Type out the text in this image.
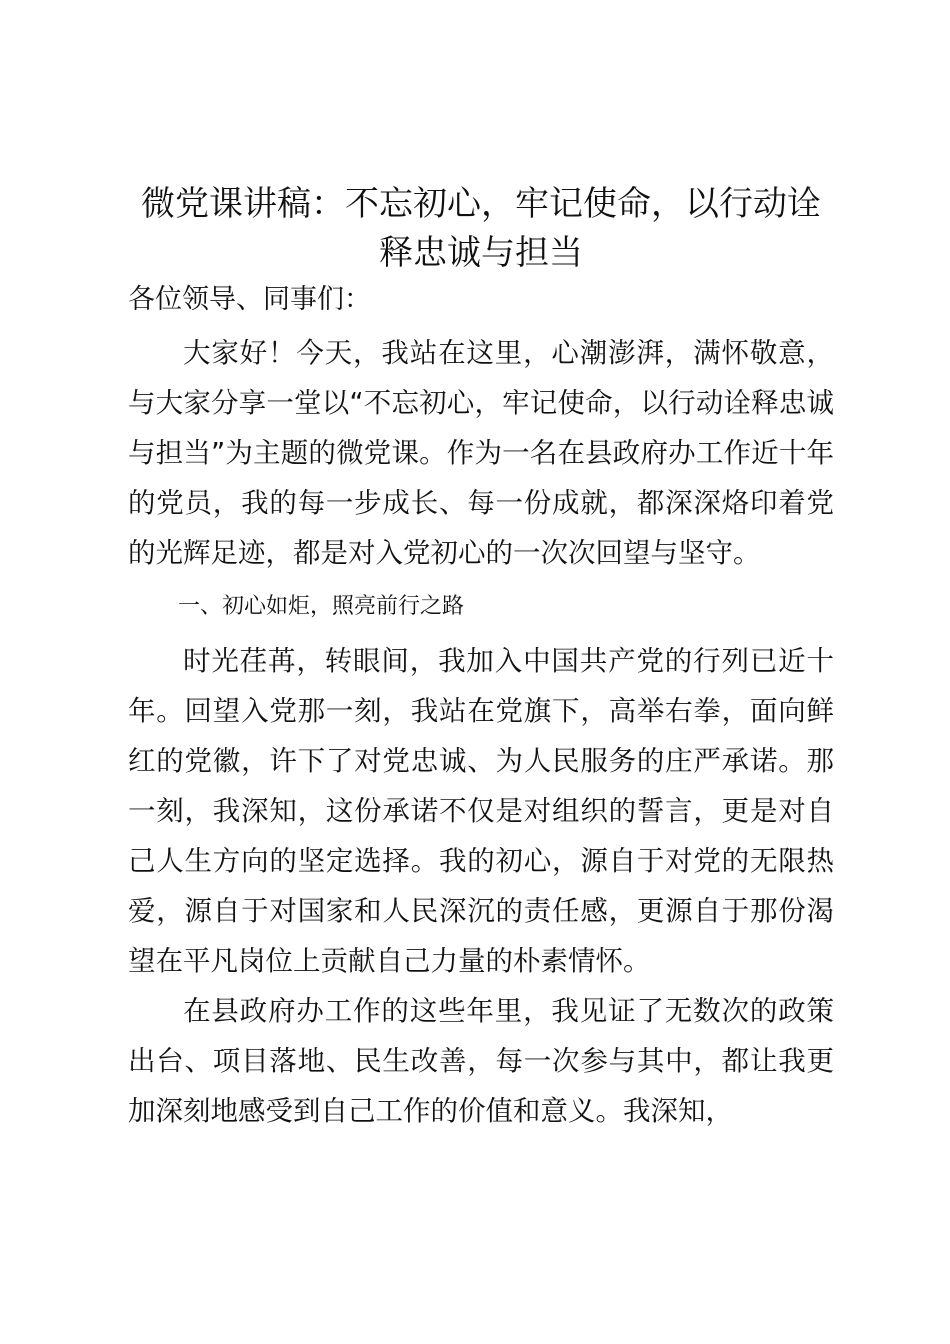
微党课讲稿：不忘初心，牢记使命，以行动诠释忠诚与担当

各位领导、同事们：

大家好！今天，我站在这里，心潮澎湃，满怀敬意，与大家分享一堂以“不忘初心，牢记使命，以行动诠释忠诚与担当”为主题的微党课。作为一名在县政府办工作近十年的党员，我的每一步成长、每一份成就，都深深烙印着党的光辉足迹，都是对入党初心的一次次回望与坚守。

一、初心如炬，照亮前行之路

时光荏苒，转眼间，我加入中国共产党的行列已近十年。回望入党那一刻，我站在党旗下，高举右拳，面向鲜红的党徽，许下了对党忠诚、为人民服务的庄严承诺。那一刻，我深知，这份承诺不仅是对组织的誓言，更是对自己人生方向的坚定选择。我的初心，源自于对党的无限热爱，源自于对国家和人民深沉的责任感，更源自于那份渴望在平凡岗位上贡献自己力量的朴素情怀。

在县政府办工作的这些年里，我见证了无数次的政策出台、项目落地、民生改善，每一次参与其中，都让我更加深刻地感受到自己工作的价值和意义。我深知，
